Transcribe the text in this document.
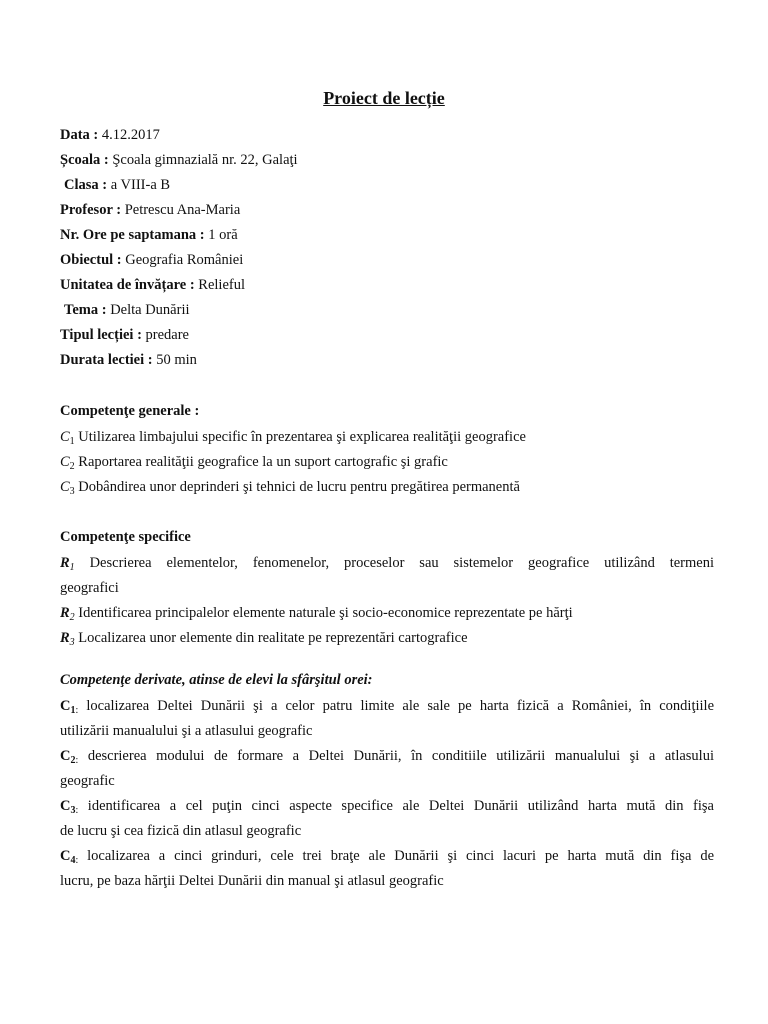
Proiect de lecție
Data : 4.12.2017
Școala : Şcoala gimnazială nr. 22, Galaţi
Clasa : a VIII-a B
Profesor : Petrescu Ana-Maria
Nr. Ore pe saptamana : 1 oră
Obiectul : Geografia României
Unitatea de învățare : Relieful
Tema : Delta Dunării
Tipul lecției : predare
Durata lectiei : 50 min
Competenţe generale :
$C_1$ Utilizarea limbajului specific în prezentarea şi explicarea realităţii geografice
$C_2$ Raportarea realităţii geografice la un suport cartografic şi grafic
$C_3$ Dobândirea unor deprinderi şi tehnici de lucru pentru pregătirea permanentă
Competenţe specifice
$R_1$ Descrierea elementelor, fenomenelor, proceselor sau sistemelor geografice utilizând termeni
geografici
$R_2$ Identificarea principalelor elemente naturale şi socio-economice reprezentate pe hărţi
$R_3$ Localizarea unor elemente din realitate pe reprezentări cartografice
Competenţe derivate, atinse de elevi la sfârşitul orei:
$C_{1:}$ localizarea Deltei Dunării şi a celor patru limite ale sale pe harta fizică a României, în condiţiile
utilizării manualului şi a atlasului geografic
$C_{2:}$ descrierea modului de formare a Deltei Dunării, în conditiile utilizării manualului şi a atlasului
geografic
$C_{3:}$ identificarea a cel puţin cinci aspecte specifice ale Deltei Dunării utilizând harta mută din fişa
de lucru şi cea fizică din atlasul geografic
$C_{4:}$ localizarea a cinci grinduri, cele trei braţe ale Dunării şi cinci lacuri pe harta mută din fişa de
lucru, pe baza hărţii Deltei Dunării din manual şi atlasul geografic
